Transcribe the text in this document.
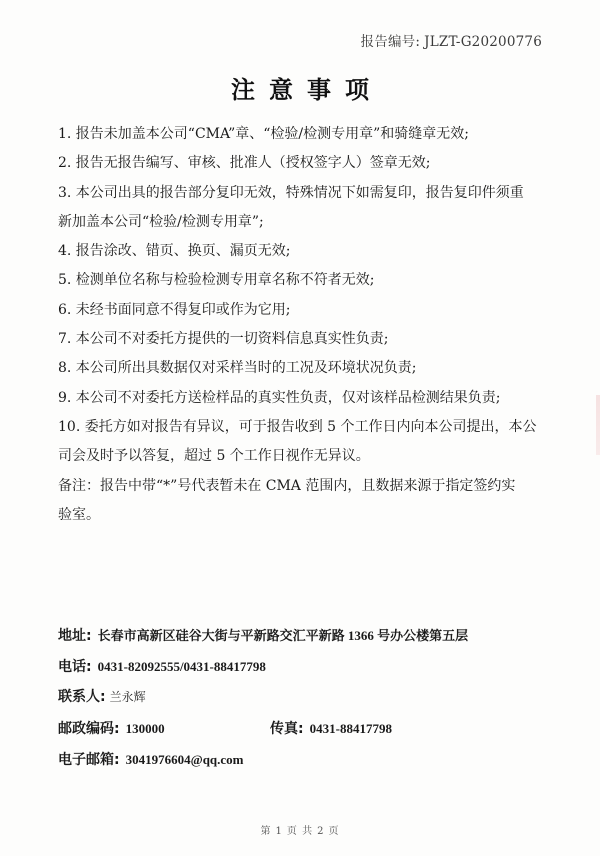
报告编号: JLZT-G20200776
注意事项
1. 报告未加盖本公司“CMA”章、“检验/检测专用章”和骑缝章无效;
2. 报告无报告编写、审核、批准人（授权签字人）签章无效;
3. 本公司出具的报告部分复印无效，特殊情况下如需复印，报告复印件须重
新加盖本公司“检验/检测专用章”;
4. 报告涂改、错页、换页、漏页无效;
5. 检测单位名称与检验检测专用章名称不符者无效;
6. 未经书面同意不得复印或作为它用;
7. 本公司不对委托方提供的一切资料信息真实性负责;
8. 本公司所出具数据仅对采样当时的工况及环境状况负责;
9. 本公司不对委托方送检样品的真实性负责，仅对该样品检测结果负责;
10. 委托方如对报告有异议，可于报告收到 5 个工作日内向本公司提出，本公
司会及时予以答复，超过 5 个工作日视作无异议。
备注：报告中带“*”号代表暂未在 CMA 范围内，且数据来源于指定签约实
验室。
地址: 长春市高新区硅谷大街与平新路交汇平新路 1366 号办公楼第五层
电话: 0431-82092555/0431-88417798
联系人: 兰永辉
邮政编码: 130000	传真: 0431-88417798
电子邮箱: 3041976604@qq.com
第 1 页 共 2 页
